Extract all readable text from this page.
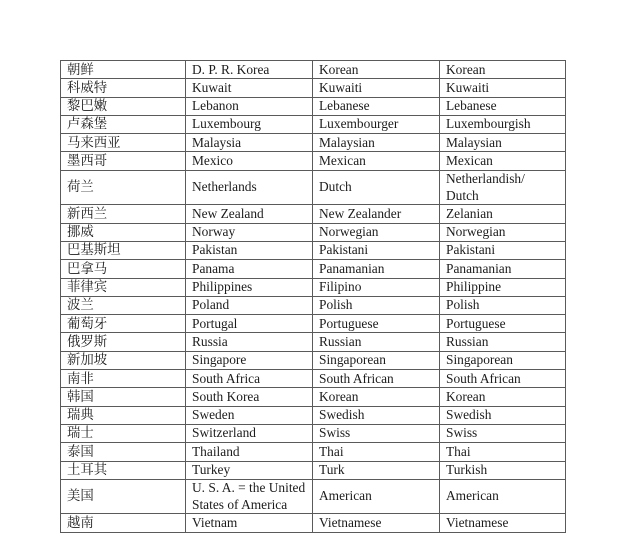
朝鲜	D. P. R. Korea	Korean	Korean
科威特	Kuwait	Kuwaiti	Kuwaiti
黎巴嫩	Lebanon	Lebanese	Lebanese
卢森堡	Luxembourg	Luxembourger	Luxembourgish
马来西亚	Malaysia	Malaysian	Malaysian
墨西哥	Mexico	Mexican	Mexican
荷兰	Netherlands	Dutch	Netherlandish/ Dutch
新西兰	New Zealand	New Zealander	Zelanian
挪威	Norway	Norwegian	Norwegian
巴基斯坦	Pakistan	Pakistani	Pakistani
巴拿马	Panama	Panamanian	Panamanian
菲律宾	Philippines	Filipino	Philippine
波兰	Poland	Polish	Polish
葡萄牙	Portugal	Portuguese	Portuguese
俄罗斯	Russia	Russian	Russian
新加坡	Singapore	Singaporean	Singaporean
南非	South Africa	South African	South African
韩国	South Korea	Korean	Korean
瑞典	Sweden	Swedish	Swedish
瑞士	Switzerland	Swiss	Swiss
泰国	Thailand	Thai	Thai
土耳其	Turkey	Turk	Turkish
美国	U. S. A. = the United States of America	American	American
越南	Vietnam	Vietnamese	Vietnamese
